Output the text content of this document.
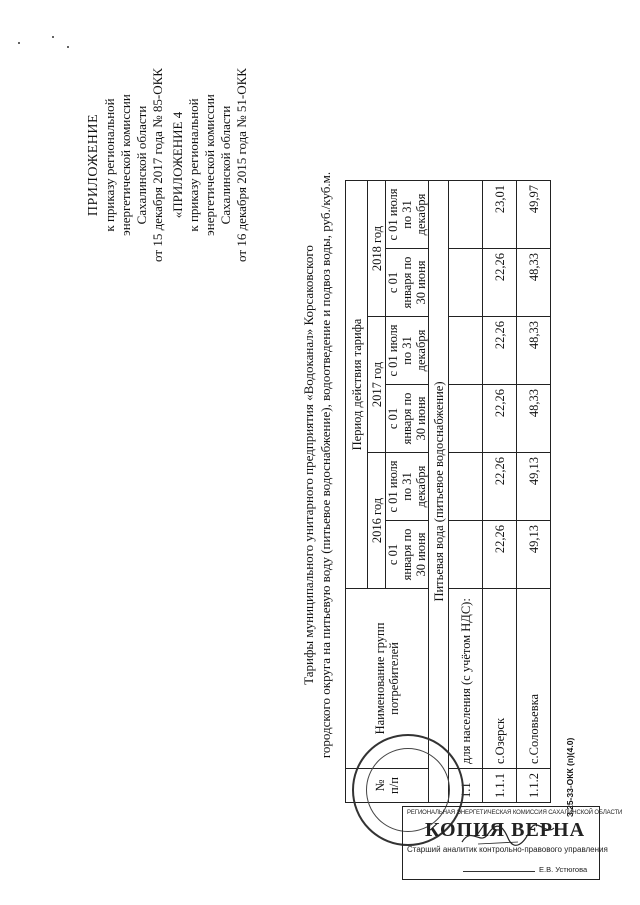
ПРИЛОЖЕНИЕ к приказу региональной энергетической комиссии Сахалинской области от 15 декабря 2017 года № 85-ОКК «ПРИЛОЖЕНИЕ 4 к приказу региональной энергетической комиссии Сахалинской области от 16 декабря 2015 года № 51-ОКК
Тарифы муниципального унитарного предприятия «Водоканал» Корсаковского городского округа на питьевую воду (питьевое водоснабжение), водоотведение и подвоз воды, руб./куб.м.
№ п/п	Наименование групп потребителей	Период действия тарифа					
		2016 год		2017 год		2018 год	
		с 01 января по 30 июня	с 01 июля по 31 декабря	с 01 января по 30 июня	с 01 июля по 31 декабря	с 01 января по 30 июня	с 01 июля по 31 декабря
Питьевая вода (питьевое водоснабжение)							
1.1	для населения (с учётом НДС):						
1.1.1	с.Озерск	22,26	22,26	22,26	22,26	22,26	23,01
1.1.2	с.Соловьевка	49,13	49,13	48,33	48,33	48,33	49,97
3.25-33-ОКК (п)(4.0)
РЕГИОНАЛЬНАЯ ЭНЕРГЕТИЧЕСКАЯ КОМИССИЯ САХАЛИНСКОЙ ОБЛАСТИ
КОПИЯ ВЕРНА
Старший аналитик контрольно-правового управления
Е.В. Устюгова
